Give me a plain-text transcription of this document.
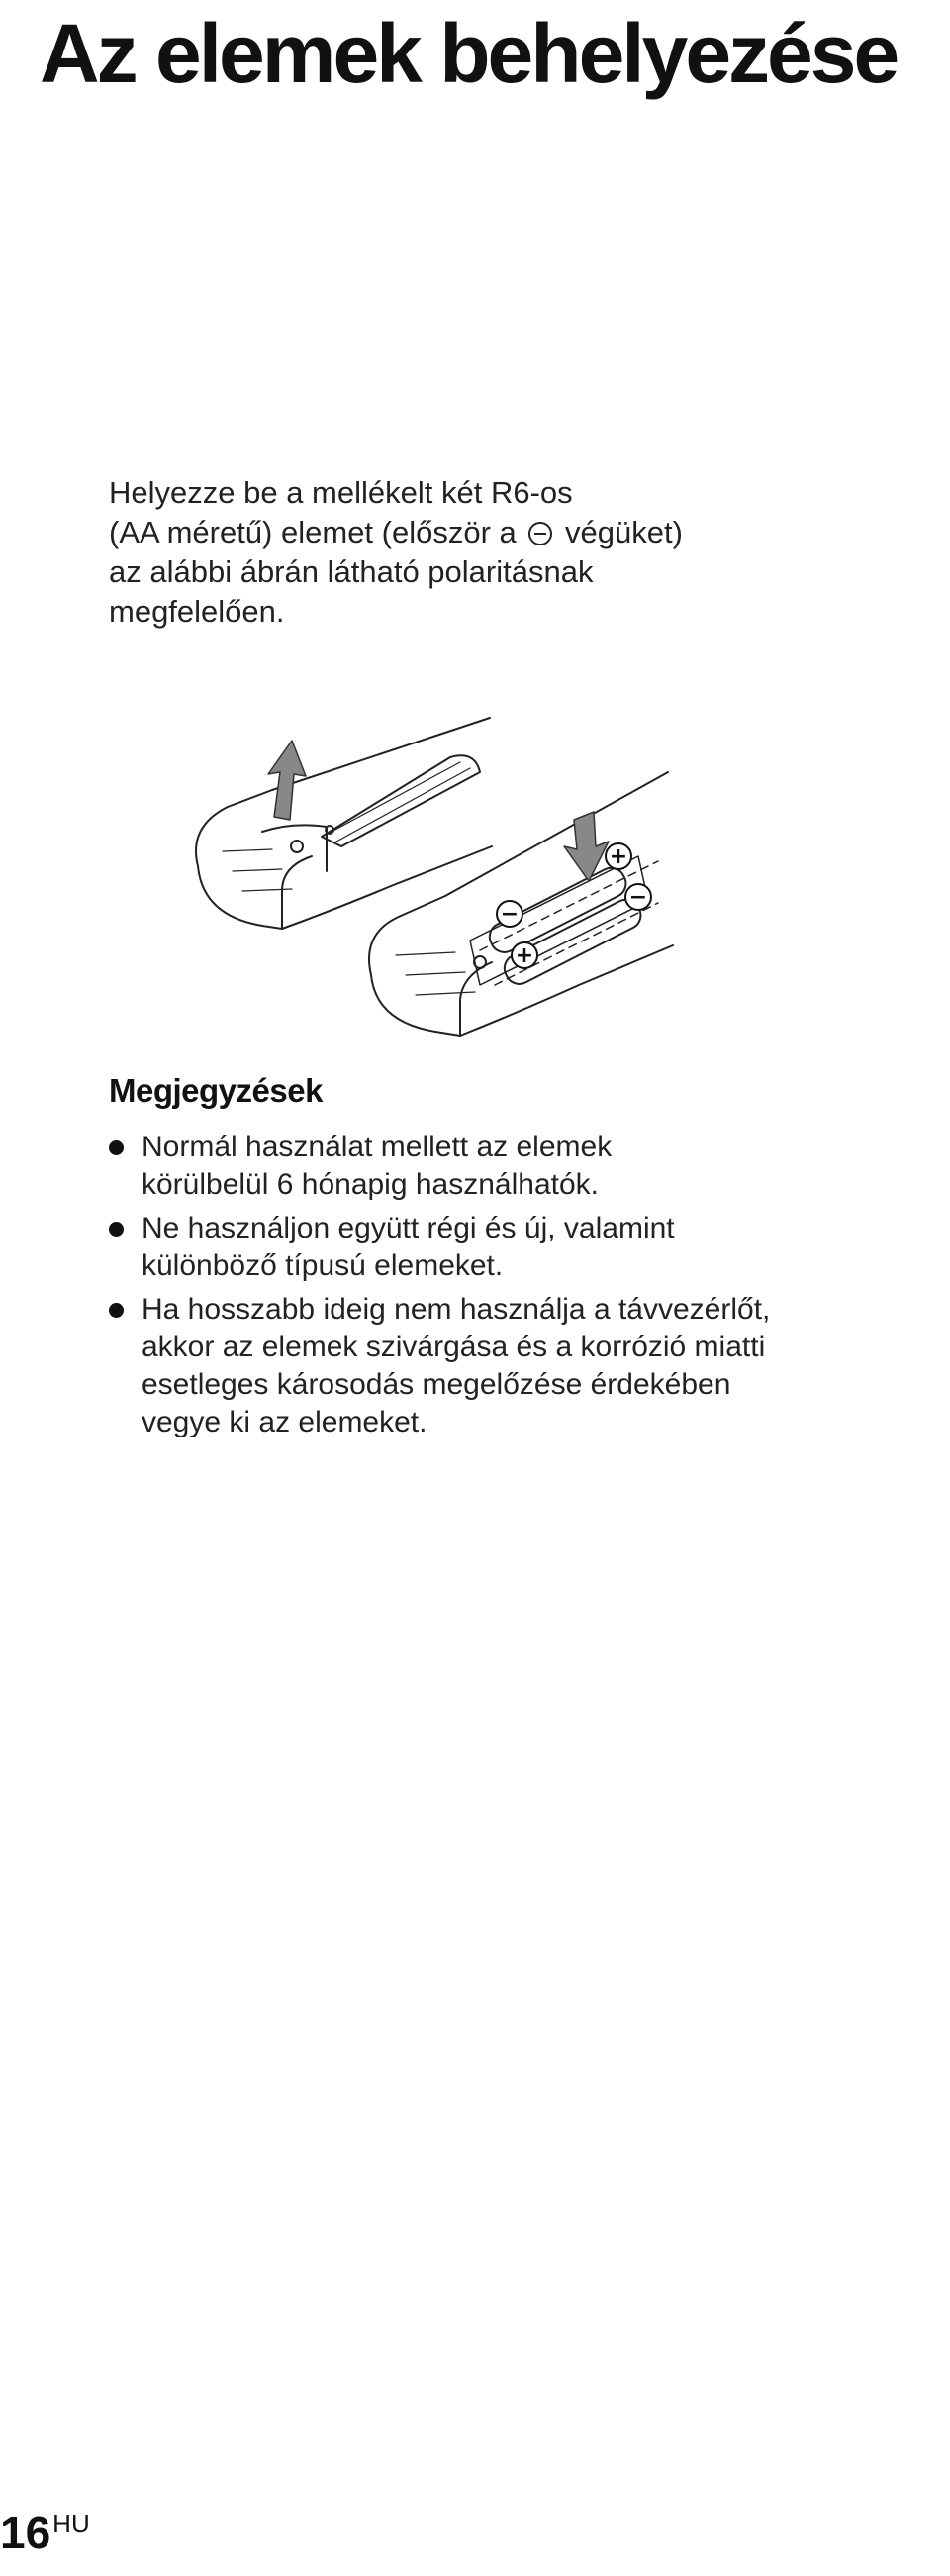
Az elemek behelyezése
Helyezze be a mellékelt két R6-os
(AA méretű) elemet (először a végüket)
az alábbi ábrán látható polaritásnak
megfelelően.
+
−
−
+
Megjegyzések
Normál használat mellett az elemek
körülbelül 6 hónapig használhatók.
Ne használjon együtt régi és új, valamint
különböző típusú elemeket.
Ha hosszabb ideig nem használja a távvezérlőt,
akkor az elemek szivárgása és a korrózió miatti
esetleges károsodás megelőzése érdekében
vegye ki az elemeket.
$16^{HU}$
